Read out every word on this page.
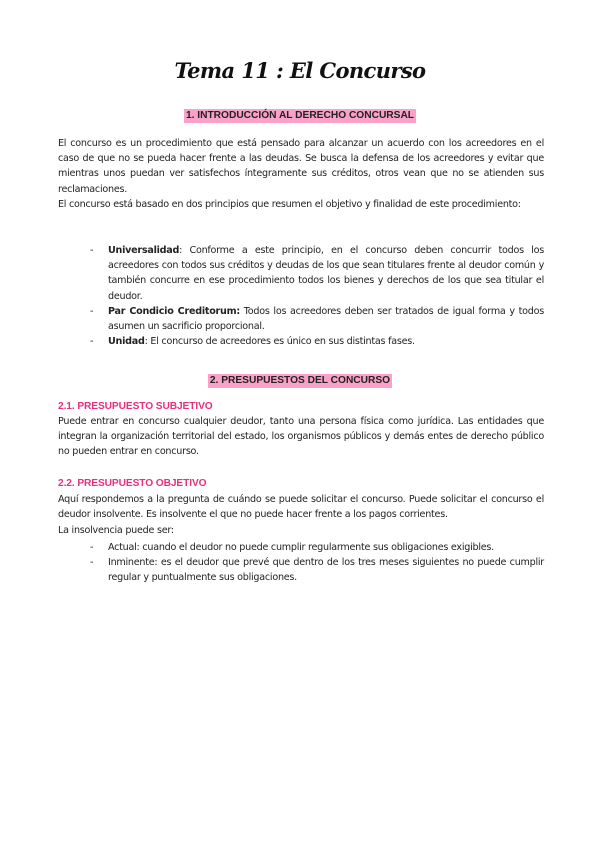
Tema 11 : El Concurso
1. INTRODUCCIÓN AL DERECHO CONCURSAL
El concurso es un procedimiento que está pensado para alcanzar un acuerdo con los acreedores en el caso de que no se pueda hacer frente a las deudas. Se busca la defensa de los acreedores y evitar que mientras unos puedan ver satisfechos íntegramente sus créditos, otros vean que no se atienden sus reclamaciones.
El concurso está basado en dos principios que resumen el objetivo y finalidad de este procedimiento:
- Universalidad: Conforme a este principio, en el concurso deben concurrir todos los acreedores con todos sus créditos y deudas de los que sean titulares frente al deudor común y también concurre en ese procedimiento todos los bienes y derechos de los que sea titular el deudor.
- Par Condicio Creditorum: Todos los acreedores deben ser tratados de igual forma y todos asumen un sacrificio proporcional.
- Unidad: El concurso de acreedores es único en sus distintas fases.
2. PRESUPUESTOS DEL CONCURSO
2.1. PRESUPUESTO SUBJETIVO
Puede entrar en concurso cualquier deudor, tanto una persona física como jurídica. Las entidades que integran la organización territorial del estado, los organismos públicos y demás entes de derecho público no pueden entrar en concurso.
2.2. PRESUPUESTO OBJETIVO
Aquí respondemos a la pregunta de cuándo se puede solicitar el concurso. Puede solicitar el concurso el deudor insolvente. Es insolvente el que no puede hacer frente a los pagos corrientes.
La insolvencia puede ser:
- Actual: cuando el deudor no puede cumplir regularmente sus obligaciones exigibles.
- Inminente: es el deudor que prevé que dentro de los tres meses siguientes no puede cumplir regular y puntualmente sus obligaciones.
